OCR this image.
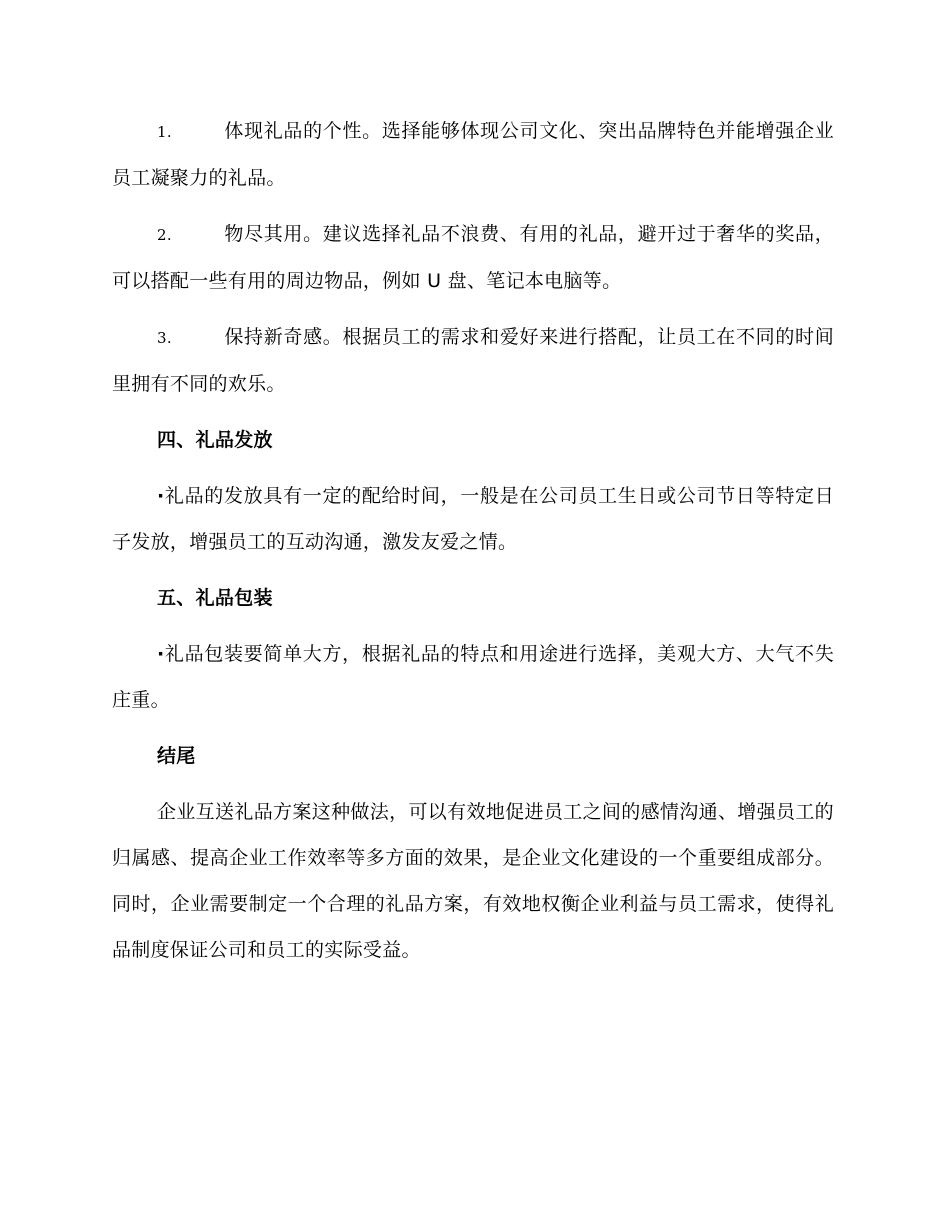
1.	体现礼品的个性。选择能够体现公司文化、突出品牌特色并能增强企业员工凝聚力的礼品。

2.	物尽其用。建议选择礼品不浪费、有用的礼品，避开过于奢华的奖品，可以搭配一些有用的周边物品，例如 U 盘、笔记本电脑等。

3.	保持新奇感。根据员工的需求和爱好来进行搭配，让员工在不同的时间里拥有不同的欢乐。

四、礼品发放

·礼品的发放具有一定的配给时间，一般是在公司员工生日或公司节日等特定日子发放，增强员工的互动沟通，激发友爱之情。

五、礼品包装

·礼品包装要简单大方，根据礼品的特点和用途进行选择，美观大方、大气不失庄重。

结尾

企业互送礼品方案这种做法，可以有效地促进员工之间的感情沟通、增强员工的归属感、提高企业工作效率等多方面的效果，是企业文化建设的一个重要组成部分。同时，企业需要制定一个合理的礼品方案，有效地权衡企业利益与员工需求，使得礼品制度保证公司和员工的实际受益。
